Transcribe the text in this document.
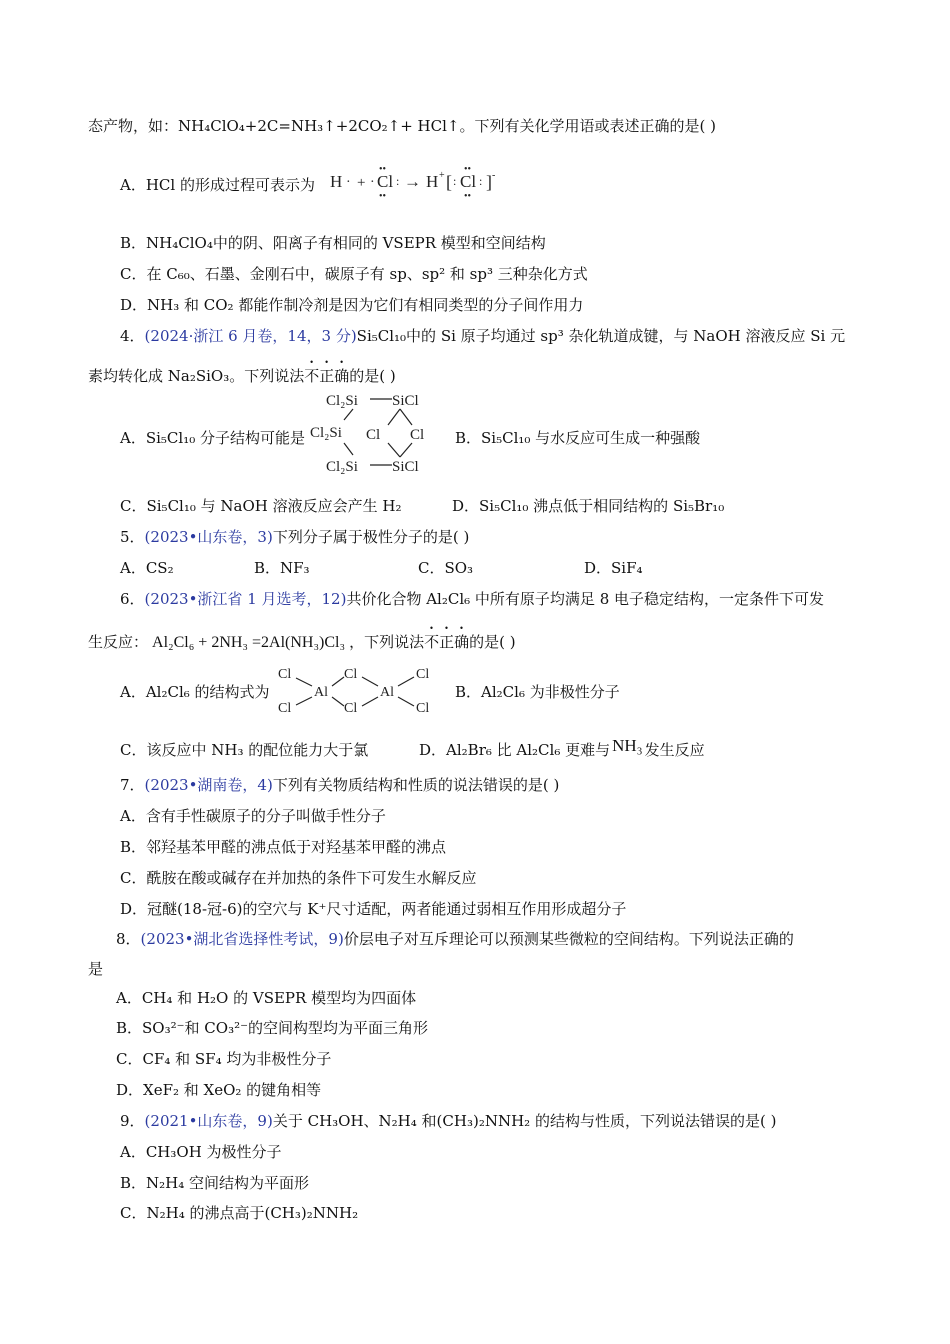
态产物，如：NH₄ClO₄+2C=NH₃↑+2CO₂↑+ HCl↑。下列有关化学用语或表述正确的是( )
A．HCl 的形成过程可表示为 H · + · Cl
••
••
: → H + [ : Cl
••
••
: ] -
B．NH₄ClO₄中的阴、阳离子有相同的 VSEPR 模型和空间结构
C．在 C₆₀、石墨、金刚石中，碳原子有 sp、sp² 和 sp³ 三种杂化方式
D．NH₃ 和 CO₂ 都能作制冷剂是因为它们有相同类型的分子间作用力
4．(2024·浙江 6 月卷，14，3 分)Si₅Cl₁₀中的 Si 原子均通过 sp³ 杂化轨道成键，与 NaOH 溶液反应 Si 元
素均转化成 Na₂SiO₃。下列说法不正确的是( )
A．Si₅Cl₁₀ 分子结构可能是
Cl₂Si SiCl
Cl₂Si Cl Cl
Cl₂Si SiCl
B．Si₅Cl₁₀ 与水反应可生成一种强酸
C．Si₅Cl₁₀ 与 NaOH 溶液反应会产生 H₂	D．Si₅Cl₁₀ 沸点低于相同结构的 Si₅Br₁₀
5．(2023•山东卷，3)下列分子属于极性分子的是( )
A．CS₂	B．NF₃	C．SO₃	D．SiF₄
6．(2023•浙江省 1 月选考，12)共价化合物 Al₂Cl₆ 中所有原子均满足 8 电子稳定结构，一定条件下可发
生反应： Al₂Cl₆ + 2NH₃ =2Al(NH₃)Cl₃ ，下列说法不正确的是( )
A．Al₂Cl₆ 的结构式为
Cl
Cl
Al
Cl
Cl
Al
Cl
Cl
B．Al₂Cl₆ 为非极性分子
C．该反应中 NH₃ 的配位能力大于氯	D．Al₂Br₆ 比 Al₂Cl₆ 更难与 NH₃ 发生反应
7．(2023•湖南卷，4)下列有关物质结构和性质的说法错误的是( )
A．含有手性碳原子的分子叫做手性分子
B．邻羟基苯甲醛的沸点低于对羟基苯甲醛的沸点
C．酰胺在酸或碱存在并加热的条件下可发生水解反应
D．冠醚(18-冠-6)的空穴与 K⁺尺寸适配，两者能通过弱相互作用形成超分子
8．(2023•湖北省选择性考试，9)价层电子对互斥理论可以预测某些微粒的空间结构。下列说法正确的
是
A．CH₄ 和 H₂O 的 VSEPR 模型均为四面体
B．SO₃²⁻和 CO₃²⁻的空间构型均为平面三角形
C．CF₄ 和 SF₄ 均为非极性分子
D．XeF₂ 和 XeO₂ 的键角相等
9．(2021•山东卷，9)关于 CH₃OH、N₂H₄ 和(CH₃)₂NNH₂ 的结构与性质，下列说法错误的是( )
A．CH₃OH 为极性分子
B．N₂H₄ 空间结构为平面形
C．N₂H₄ 的沸点高于(CH₃)₂NNH₂
